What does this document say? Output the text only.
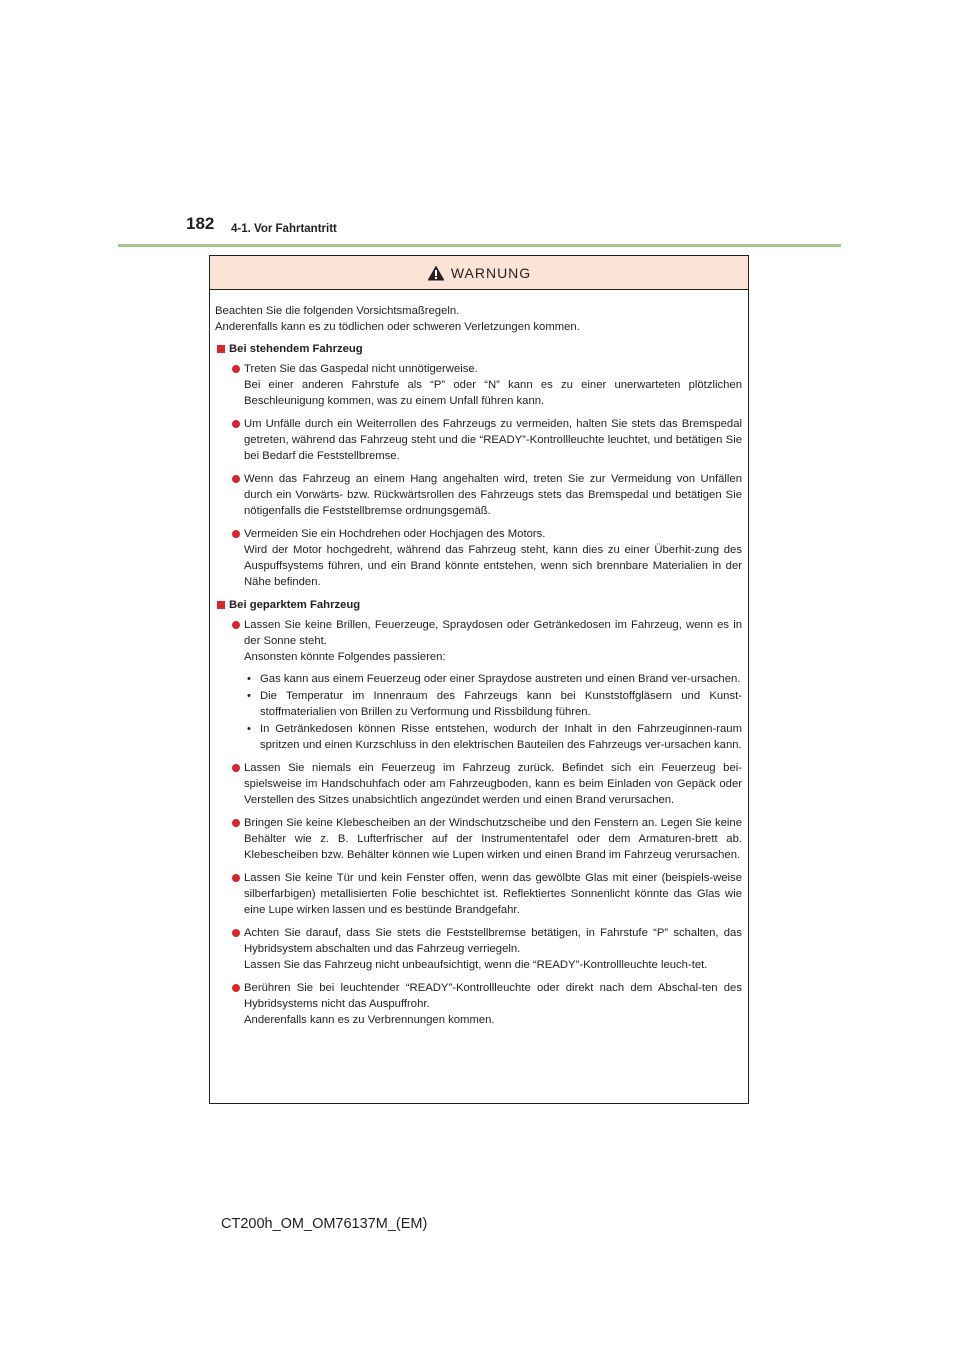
182 4-1. Vor Fahrtantritt
WARNUNG

Beachten Sie die folgenden Vorsichtsmaßregeln.

Anderenfalls kann es zu tödlichen oder schweren Verletzungen kommen.

Bei stehendem Fahrzeug

Treten Sie das Gaspedal nicht unnötigerweise.

Bei einer anderen Fahrstufe als “P” oder “N” kann es zu einer unerwarteten plötzlichen Beschleunigung kommen, was zu einem Unfall führen kann.

Um Unfälle durch ein Weiterrollen des Fahrzeugs zu vermeiden, halten Sie stets das Bremspedal getreten, während das Fahrzeug steht und die “READY”-Kontrollleuchte leuchtet, und betätigen Sie bei Bedarf die Feststellbremse.

Wenn das Fahrzeug an einem Hang angehalten wird, treten Sie zur Vermeidung von Unfällen durch ein Vorwärts- bzw. Rückwärtsrollen des Fahrzeugs stets das Bremspedal und betätigen Sie nötigenfalls die Feststellbremse ordnungsgemäß.

Vermeiden Sie ein Hochdrehen oder Hochjagen des Motors.

Wird der Motor hochgedreht, während das Fahrzeug steht, kann dies zu einer Überhit-zung des Auspuffsystems führen, und ein Brand könnte entstehen, wenn sich brennbare Materialien in der Nähe befinden.

Bei geparktem Fahrzeug

Lassen Sie keine Brillen, Feuerzeuge, Spraydosen oder Getränkedosen im Fahrzeug, wenn es in der Sonne steht.

Ansonsten könnte Folgendes passieren:

• Gas kann aus einem Feuerzeug oder einer Spraydose austreten und einen Brand ver-ursachen.
• Die Temperatur im Innenraum des Fahrzeugs kann bei Kunststoffgläsern und Kunst-stoffmaterialien von Brillen zu Verformung und Rissbildung führen.
• In Getränkedosen können Risse entstehen, wodurch der Inhalt in den Fahrzeuginnen-raum spritzen und einen Kurzschluss in den elektrischen Bauteilen des Fahrzeugs ver-ursachen kann.

Lassen Sie niemals ein Feuerzeug im Fahrzeug zurück. Befindet sich ein Feuerzeug bei-spielsweise im Handschuhfach oder am Fahrzeugboden, kann es beim Einladen von Gepäck oder Verstellen des Sitzes unabsichtlich angezündet werden und einen Brand verursachen.

Bringen Sie keine Klebescheiben an der Windschutzscheibe und den Fenstern an. Legen Sie keine Behälter wie z. B. Lufterfrischer auf der Instrumententafel oder dem Armaturen-brett ab. Klebescheiben bzw. Behälter können wie Lupen wirken und einen Brand im Fahrzeug verursachen.

Lassen Sie keine Tür und kein Fenster offen, wenn das gewölbte Glas mit einer (beispiels-weise silberfarbigen) metallisierten Folie beschichtet ist. Reflektiertes Sonnenlicht könnte das Glas wie eine Lupe wirken lassen und es bestünde Brandgefahr.

Achten Sie darauf, dass Sie stets die Feststellbremse betätigen, in Fahrstufe “P” schalten, das Hybridsystem abschalten und das Fahrzeug verriegeln.

Lassen Sie das Fahrzeug nicht unbeaufsichtigt, wenn die “READY”-Kontrollleuchte leuch-tet.

Berühren Sie bei leuchtender “READY”-Kontrollleuchte oder direkt nach dem Abschal-ten des Hybridsystems nicht das Auspuffrohr.

Anderenfalls kann es zu Verbrennungen kommen.

CT200h_OM_OM76137M_(EM)
